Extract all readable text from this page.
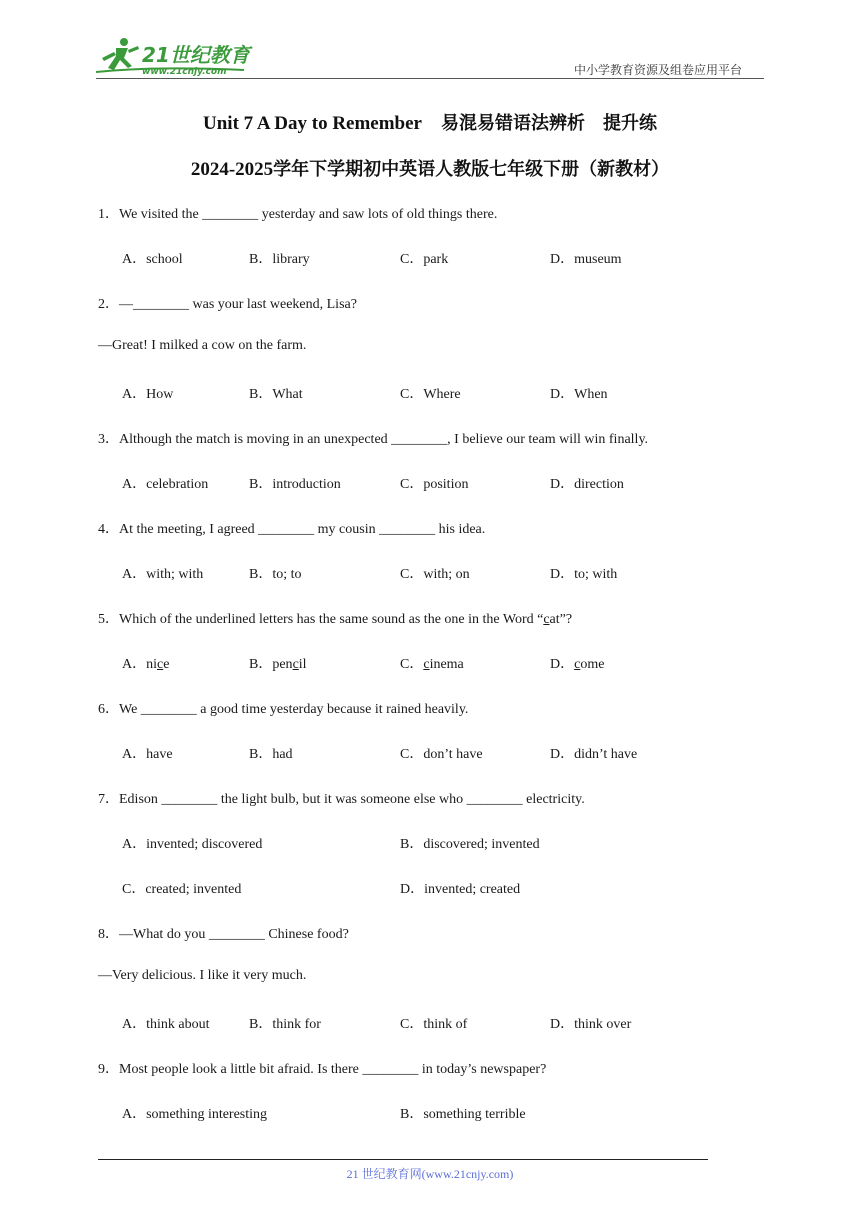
21世纪教育
www.21cnjy.com	中小学教育资源及组卷应用平台
Unit 7 A Day to Remember 易混易错语法辨析　提升练
2024-2025学年下学期初中英语人教版七年级下册（新教材）
1．We visited the ________ yesterday and saw lots of old things there.
A．school	B．library	C．park	D．museum
2．—________ was your last weekend, Lisa?
—Great! I milked a cow on the farm.
A．How	B．What	C．Where	D．When
3．Although the match is moving in an unexpected ________, I believe our team will win finally.
A．celebration	B．introduction	C．position	D．direction
4．At the meeting, I agreed ________ my cousin ________ his idea.
A．with; with	B．to; to	C．with; on	D．to; with
5．Which of the underlined letters has the same sound as the one in the Word “cat”?
A．nice	B．pencil	C．cinema	D．come
6．We ________ a good time yesterday because it rained heavily.
A．have	B．had	C．don’t have	D．didn’t have
7．Edison ________ the light bulb, but it was someone else who ________ electricity.
A．invented; discovered	B．discovered; invented
C．created; invented	D．invented; created
8．—What do you ________ Chinese food?
—Very delicious. I like it very much.
A．think about	B．think for	C．think of	D．think over
9．Most people look a little bit afraid. Is there ________ in today’s newspaper?
A．something interesting	B．something terrible
21 世纪教育网(www.21cnjy.com)
